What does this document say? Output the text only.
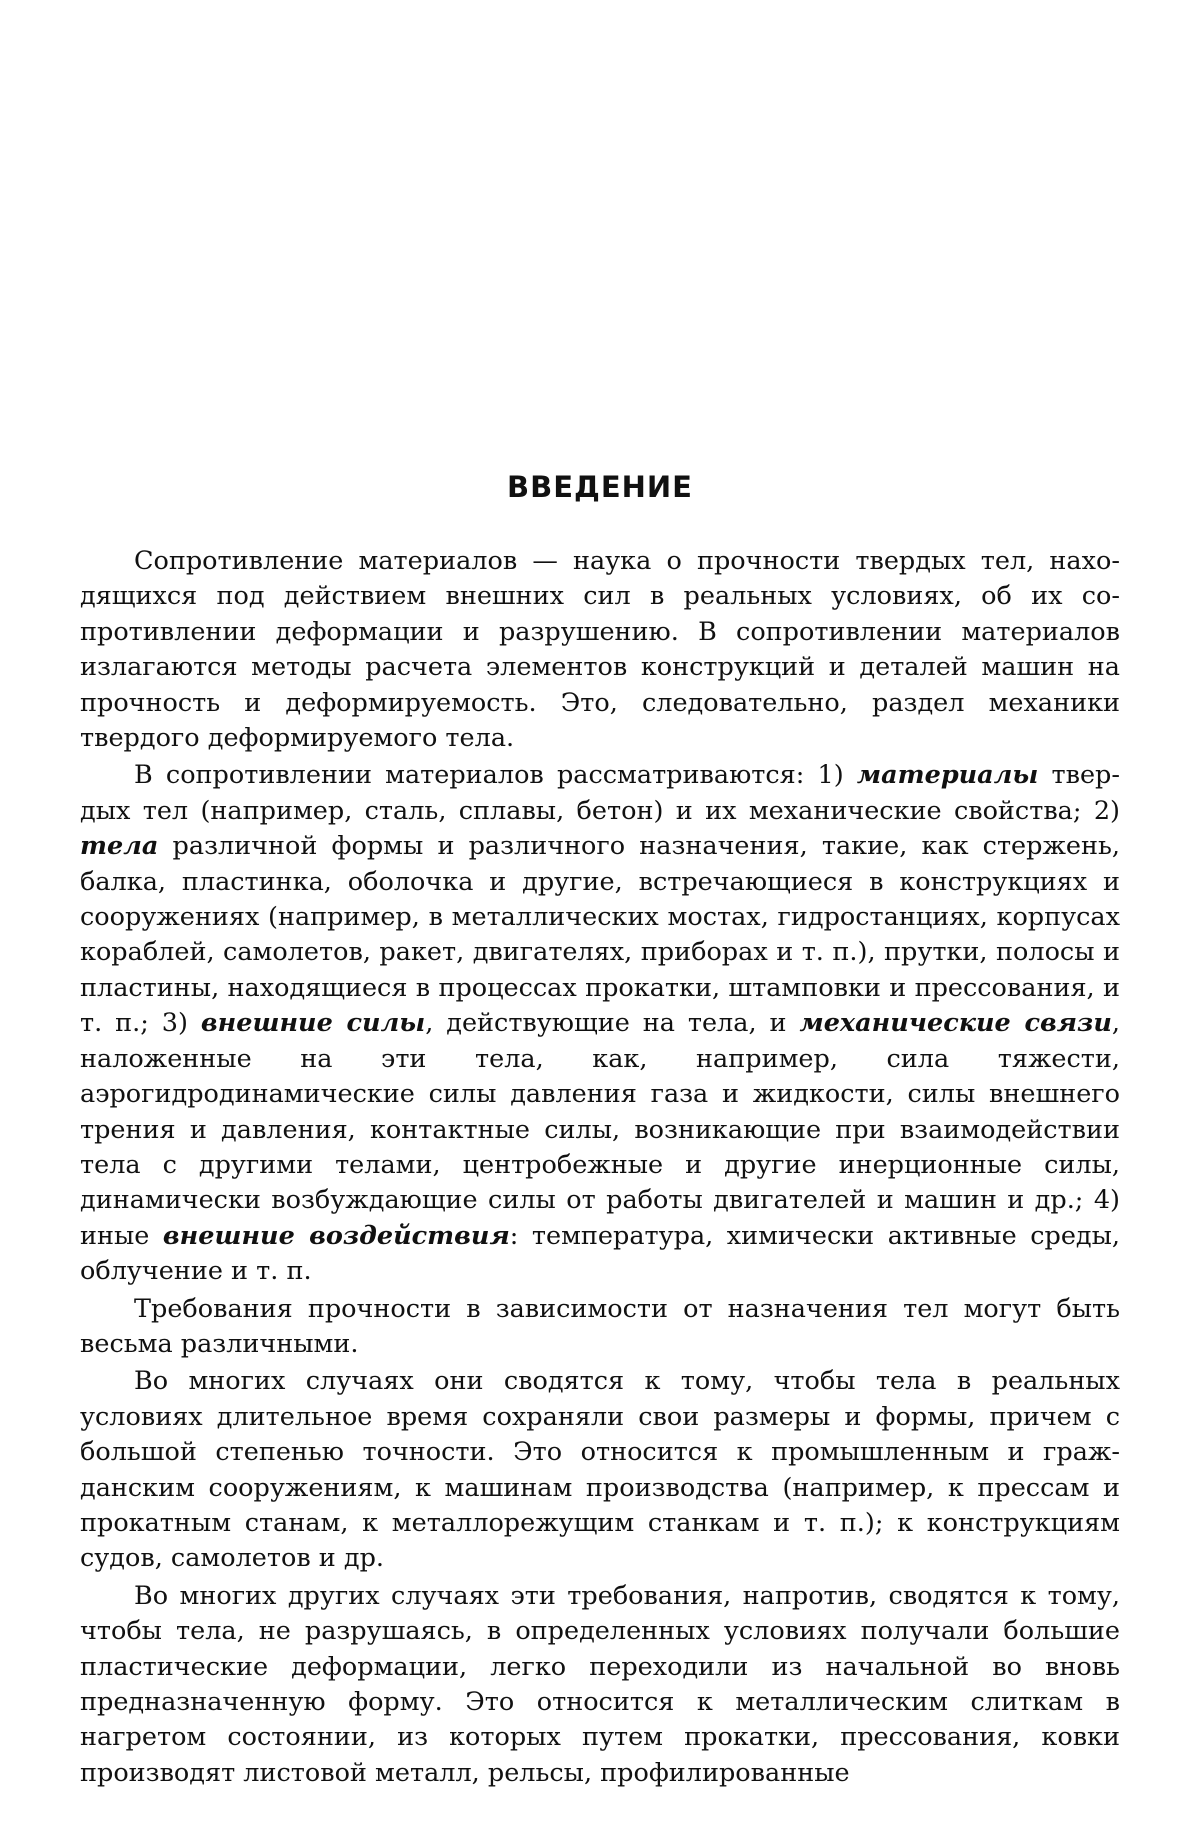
ВВЕДЕНИЕ

Сопротивление материалов — наука о прочности твердых тел, находящихся под действием внешних сил в реальных условиях, об их сопротивлении деформации и разрушению. В сопротивлении материалов излагаются методы расчета элементов конструкций и деталей машин на прочность и деформируемость. Это, следовательно, раздел механики твердого деформируемого тела.

В сопротивлении материалов рассматриваются: 1) материалы твердых тел (например, сталь, сплавы, бетон) и их механические свойства; 2) тела различной формы и различного назначения, такие, как стержень, балка, пластинка, оболочка и другие, встречающиеся в конструкциях и сооружениях (например, в металлических мостах, гидростанциях, корпусах кораблей, самолетов, ракет, двигателях, приборах и т. п.), прутки, полосы и пластины, находящиеся в процессах прокатки, штамповки и прессования, и т. п.; 3) внешние силы, действующие на тела, и механические связи, наложенные на эти тела, как, например, сила тяжести, аэрогидродинамические силы давления газа и жидкости, силы внешнего трения и давления, контактные силы, возникающие при взаимодействии тела с другими телами, центробежные и другие инерционные силы, динамически возбуждающие силы от работы двигателей и машин и др.; 4) иные внешние воздействия: температура, химически активные среды, облучение и т. п.

Требования прочности в зависимости от назначения тел могут быть весьма различными.

Во многих случаях они сводятся к тому, чтобы тела в реальных условиях длительное время сохраняли свои размеры и формы, причем с большой степенью точности. Это относится к промышленным и гражданским сооружениям, к машинам производства (например, к прессам и прокатным станам, к металлорежущим станкам и т. п.); к конструкциям судов, самолетов и др.

Во многих других случаях эти требования, напротив, сводятся к тому, чтобы тела, не разрушаясь, в определенных условиях получали большие пластические деформации, легко переходили из начальной во вновь предназначенную форму. Это относится к металлическим слиткам в нагретом состоянии, из которых путем прокатки, прессования, ковки производят листовой металл, рельсы, профилированные
